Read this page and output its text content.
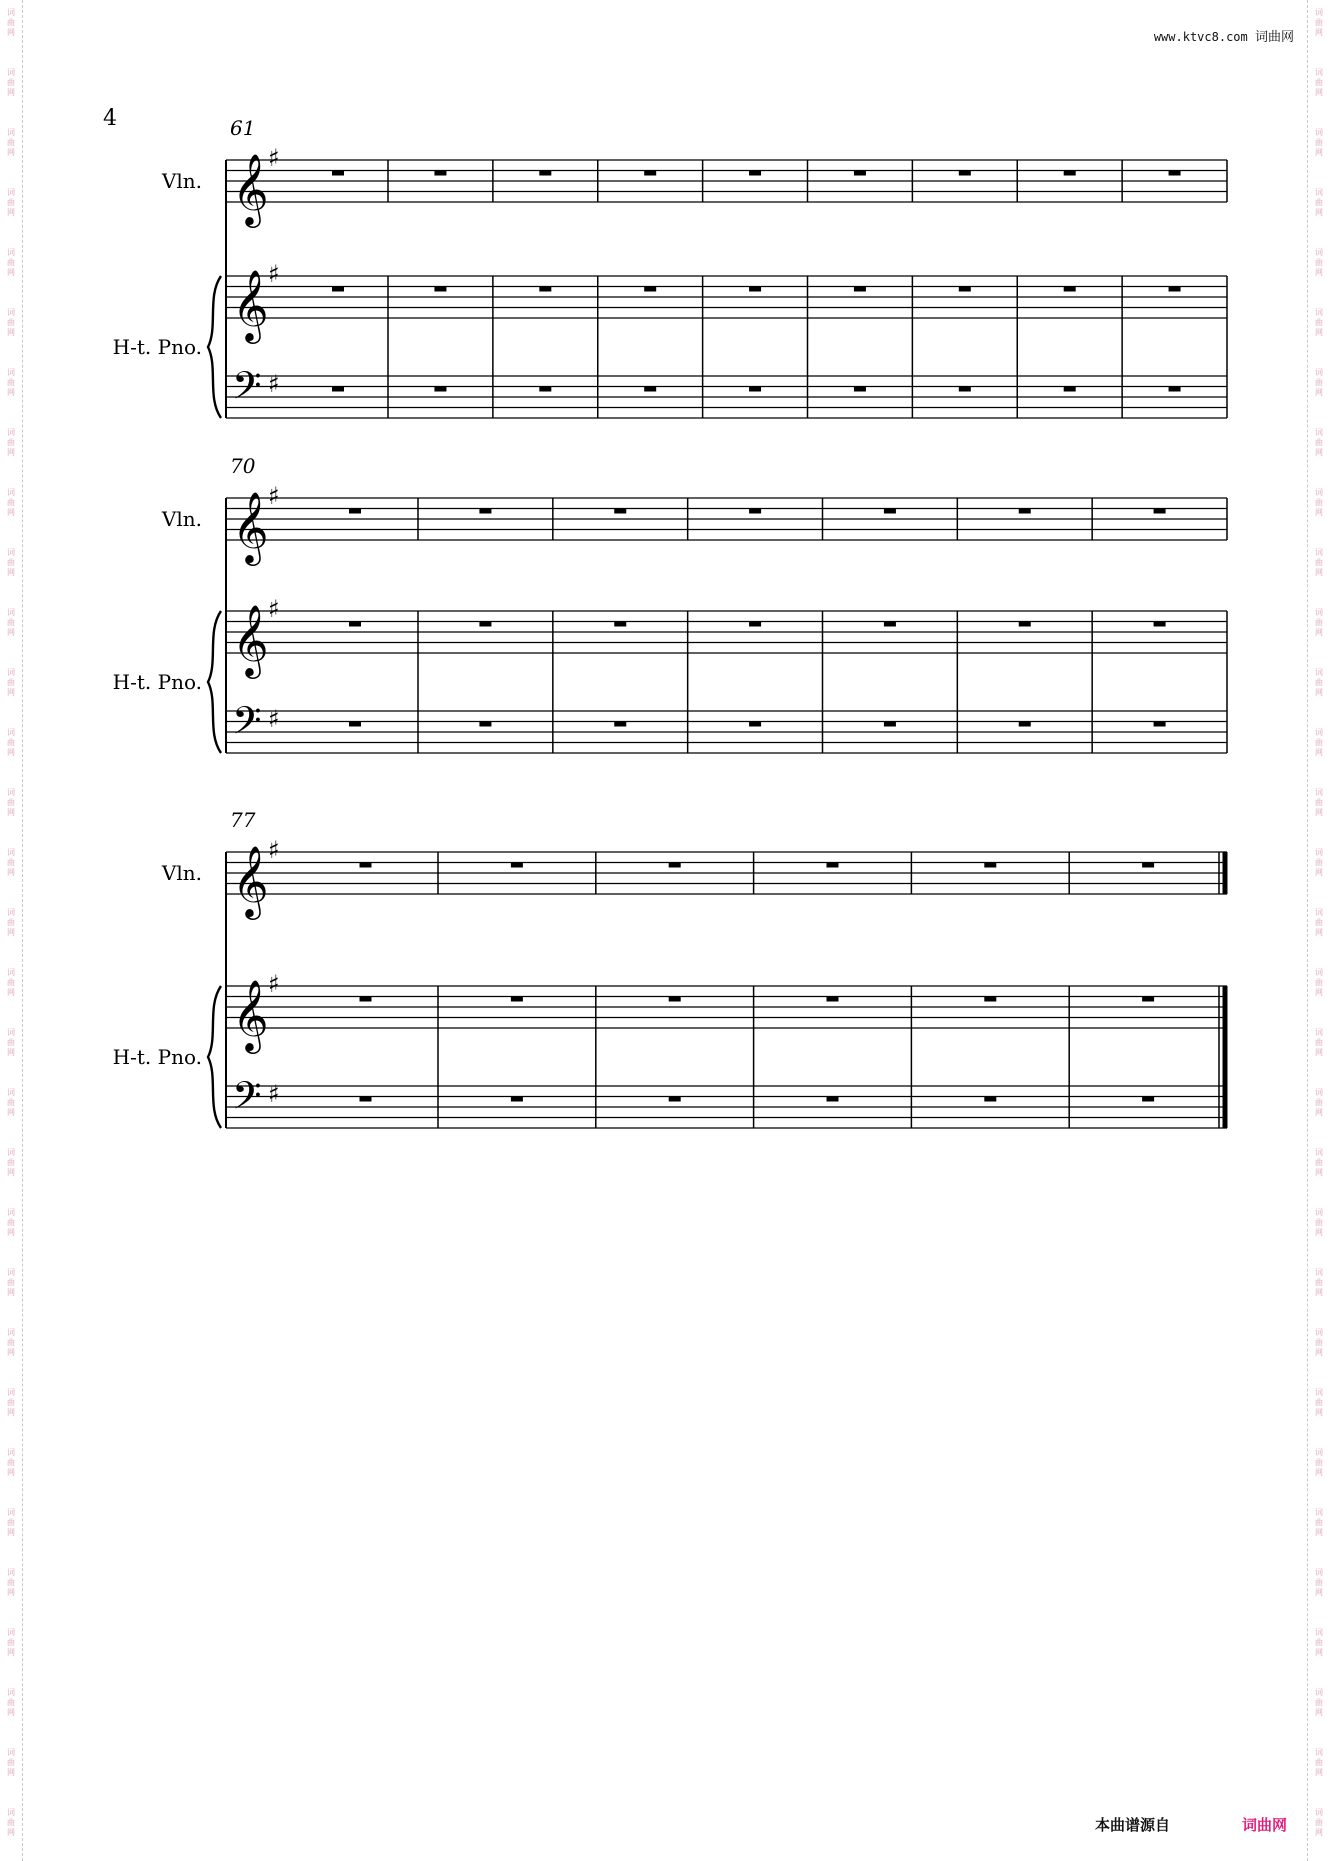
www.ktvc8.com 词曲网
4
𝄞 ♯
𝄞 ♯
𝄢 ♯
61
Vln.
H-t. Pno.
𝄞 ♯
𝄞 ♯
𝄢 ♯
70
Vln.
H-t. Pno.
𝄞 ♯
𝄞 ♯
𝄢 ♯
77
Vln.
H-t. Pno.
本曲谱源自	词曲网
词
曲
网
词
曲
网
词
曲
网
词
曲
网
词
曲
网
词
曲
网
词
曲
网
词
曲
网
词
曲
网
词
曲
网
词
曲
网
词
曲
网
词
曲
网
词
曲
网
词
曲
网
词
曲
网
词
曲
网
词
曲
网
词
曲
网
词
曲
网
词
曲
网
词
曲
网
词
曲
网
词
曲
网
词
曲
网
词
曲
网
词
曲
网
词
曲
网
词
曲
网
词
曲
网
词
曲
网
词
曲
网
词
曲
网
词
曲
网
词
曲
网
词
曲
网
词
曲
网
词
曲
网
词
曲
网
词
曲
网
词
曲
网
词
曲
网
词
曲
网
词
曲
网
词
曲
网
词
曲
网
词
曲
网
词
曲
网
词
曲
网
词
曲
网
词
曲
网
词
曲
网
词
曲
网
词
曲
网
词
曲
网
词
曲
网
词
曲
网
词
曲
网
词
曲
网
词
曲
网
词
曲
网
词
曲
网
